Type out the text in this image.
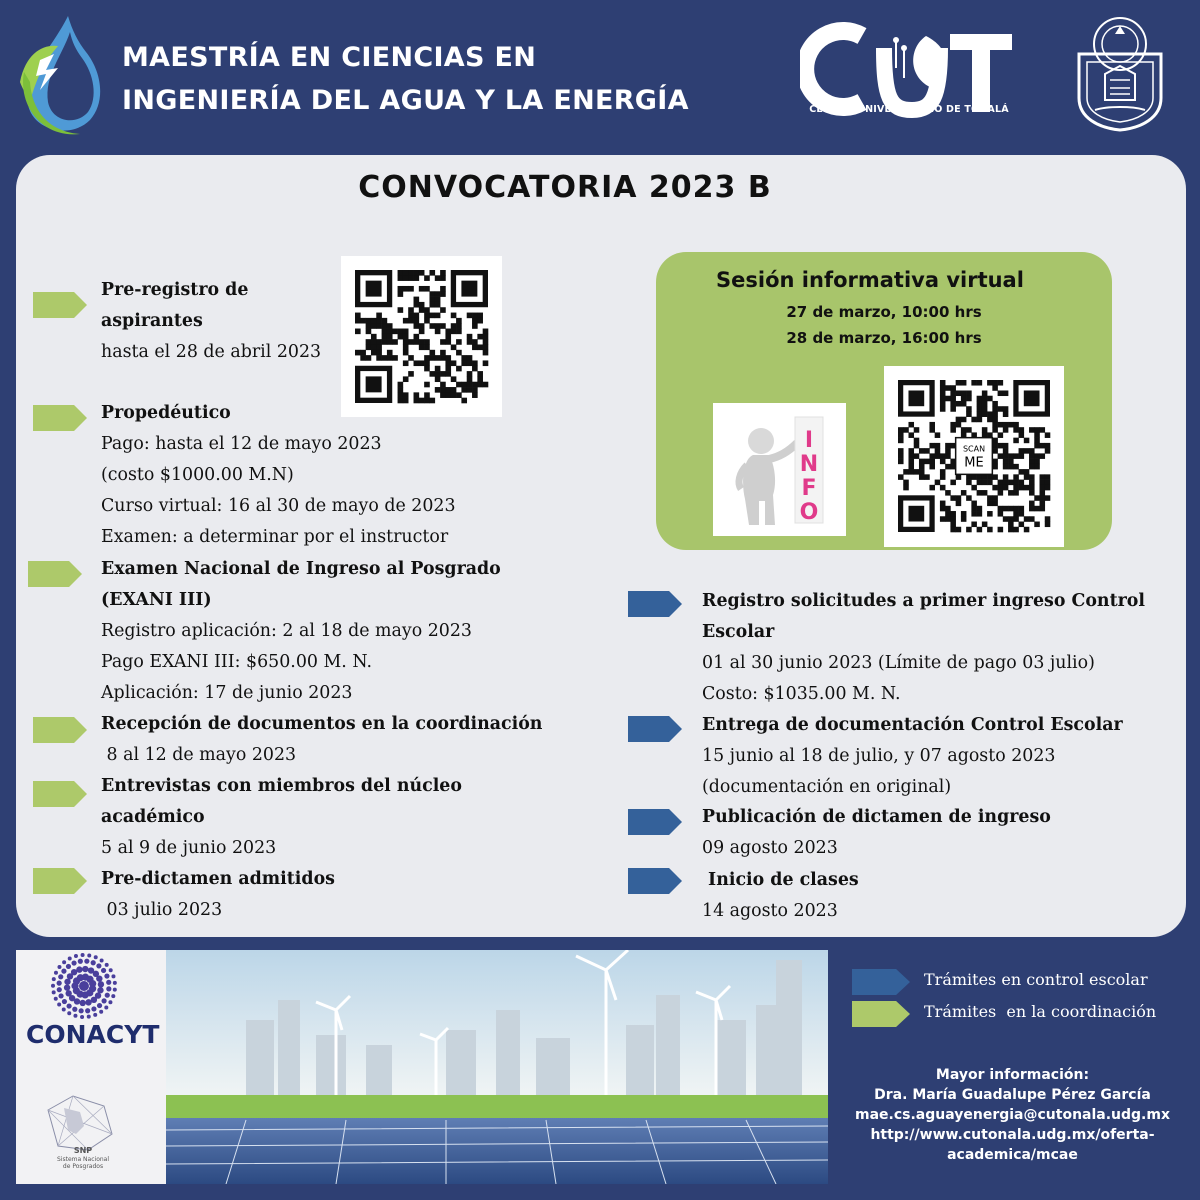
MAESTRÍA EN CIENCIAS EN
INGENIERÍA DEL AGUA Y LA ENERGÍA	CENTRO UNIVERSITARIO DE TONALÁ
CONVOCATORIA 2023 B
Pre-registro de
aspirantes
hasta el 28 de abril 2023
Propedéutico
Pago: hasta el 12 de mayo 2023
(costo $1000.00 M.N)
Curso virtual: 16 al 30 de mayo de 2023
Examen: a determinar por el instructor
Examen Nacional de Ingreso al Posgrado
(EXANI III)
Registro aplicación: 2 al 18 de mayo 2023
Pago EXANI III: $650.00 M. N.
Aplicación: 17 de junio 2023
Recepción de documentos en la coordinación
8 al 12 de mayo 2023
Entrevistas con miembros del núcleo
académico
5 al 9 de junio 2023
Pre-dictamen admitidos
03 julio 2023
Sesión informativa virtual
27 de marzo, 10:00 hrs
28 de marzo, 16:00 hrs
I
N
F
O
SCAN
ME
Registro solicitudes a primer ingreso Control
Escolar
01 al 30 junio 2023 (Límite de pago 03 julio)
Costo: $1035.00 M. N.
Entrega de documentación Control Escolar
15 junio al 18 de julio, y 07 agosto 2023
(documentación en original)
Publicación de dictamen de ingreso
09 agosto 2023
Inicio de clases
14 agosto 2023
CONACYT
SNP
Sistema Nacional
de Posgrados
Trámites en control escolar
Trámites  en la coordinación
Mayor información:
Dra. María Guadalupe Pérez García
mae.cs.aguayenergia@cutonala.udg.mx
http://www.cutonala.udg.mx/oferta-
academica/mcae
